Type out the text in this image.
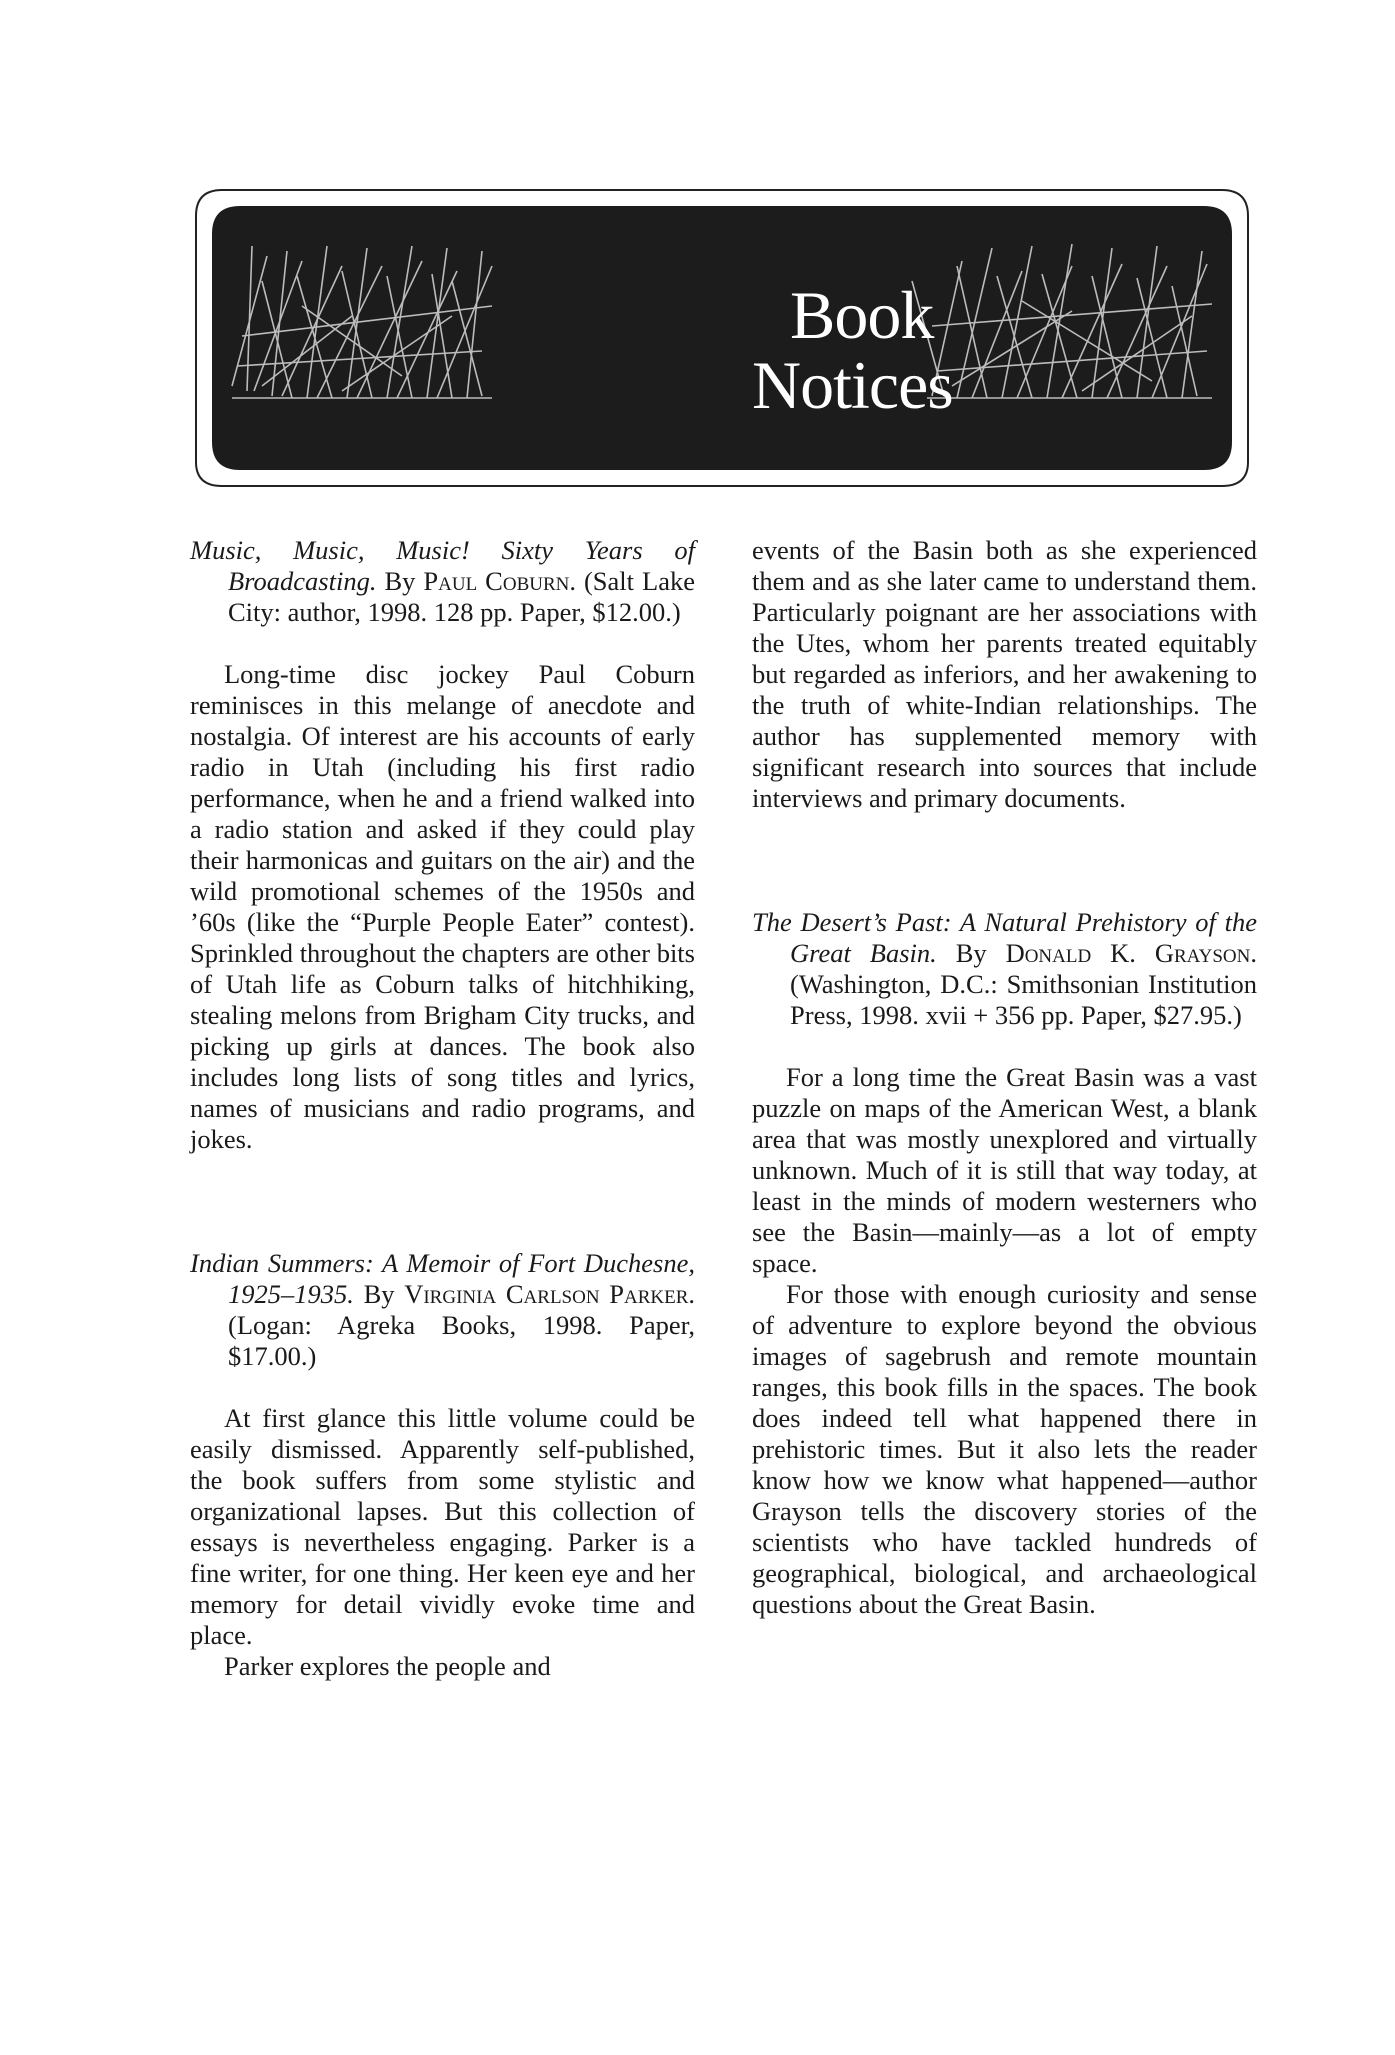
Book
Notices

Music, Music, Music! Sixty Years of Broadcasting. By Paul Coburn. (Salt Lake City: author, 1998. 128 pp. Paper, $12.00.)

Long-time disc jockey Paul Coburn reminisces in this melange of anecdote and nostalgia. Of interest are his accounts of early radio in Utah (including his first radio performance, when he and a friend walked into a radio station and asked if they could play their harmonicas and guitars on the air) and the wild promotional schemes of the 1950s and ’60s (like the “Purple People Eater” contest). Sprinkled throughout the chapters are other bits of Utah life as Coburn talks of hitchhiking, stealing melons from Brigham City trucks, and picking up girls at dances. The book also includes long lists of song titles and lyrics, names of musicians and radio programs, and jokes.

Indian Summers: A Memoir of Fort Duchesne, 1925–1935. By Virginia Carlson Parker. (Logan: Agreka Books, 1998. Paper, $17.00.)

At first glance this little volume could be easily dismissed. Apparently self-published, the book suffers from some stylistic and organizational lapses. But this collection of essays is nevertheless engaging. Parker is a fine writer, for one thing. Her keen eye and her memory for detail vividly evoke time and place.

Parker explores the people and

events of the Basin both as she experienced them and as she later came to understand them. Particularly poignant are her associations with the Utes, whom her parents treated equitably but regarded as inferiors, and her awakening to the truth of white-Indian relationships. The author has supplemented memory with significant research into sources that include interviews and primary documents.

The Desert’s Past: A Natural Prehistory of the Great Basin. By Donald K. Grayson. (Washington, D.C.: Smithsonian Institution Press, 1998. xvii + 356 pp. Paper, $27.95.)

For a long time the Great Basin was a vast puzzle on maps of the American West, a blank area that was mostly unexplored and virtually unknown. Much of it is still that way today, at least in the minds of modern westerners who see the Basin—mainly—as a lot of empty space.

For those with enough curiosity and sense of adventure to explore beyond the obvious images of sagebrush and remote mountain ranges, this book fills in the spaces. The book does indeed tell what happened there in prehistoric times. But it also lets the reader know how we know what happened—author Grayson tells the discovery stories of the scientists who have tackled hundreds of geographical, biological, and archaeological questions about the Great Basin.
